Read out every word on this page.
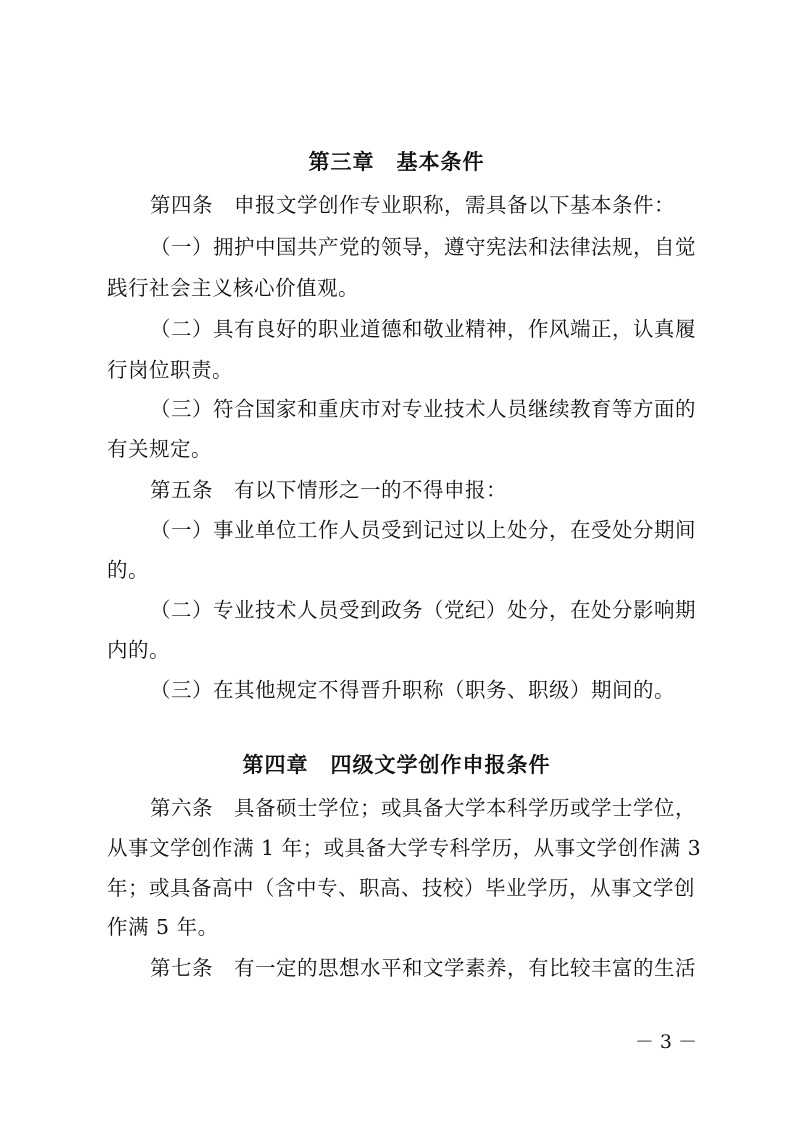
第三章　基本条件
第四条　申报文学创作专业职称，需具备以下基本条件：
（一）拥护中国共产党的领导，遵守宪法和法律法规，自觉
践行社会主义核心价值观。
（二）具有良好的职业道德和敬业精神，作风端正，认真履
行岗位职责。
（三）符合国家和重庆市对专业技术人员继续教育等方面的
有关规定。
第五条　有以下情形之一的不得申报：
（一）事业单位工作人员受到记过以上处分，在受处分期间
的。
（二）专业技术人员受到政务（党纪）处分，在处分影响期
内的。
（三）在其他规定不得晋升职称（职务、职级）期间的。
第四章　四级文学创作申报条件
第六条　具备硕士学位；或具备大学本科学历或学士学位，
从事文学创作满 1 年；或具备大学专科学历，从事文学创作满 3
年；或具备高中（含中专、职高、技校）毕业学历，从事文学创
作满 5 年。
第七条　有一定的思想水平和文学素养，有比较丰富的生活
－ 3 －
